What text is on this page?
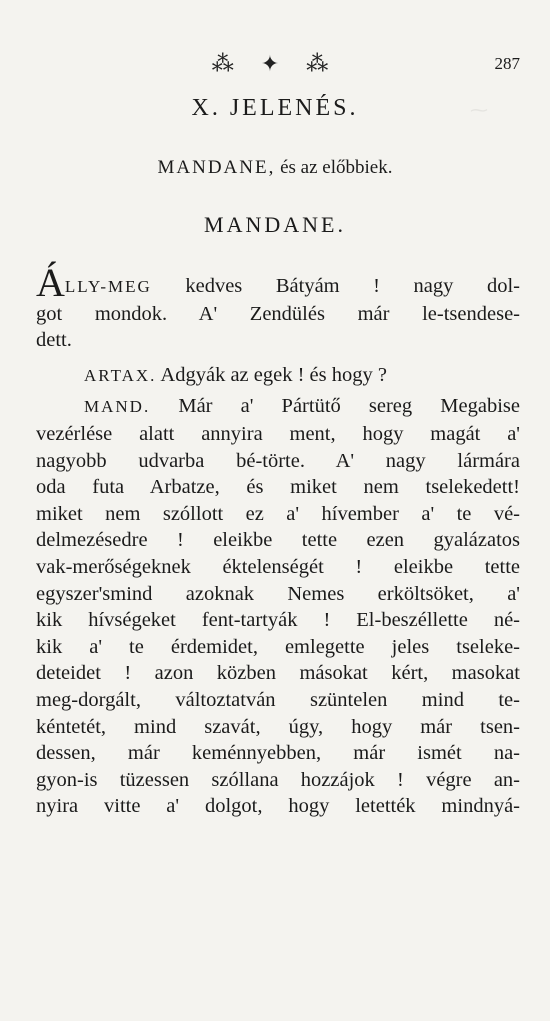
⁓
⁂ ✦ ⁂	287
X. JELENÉS.
MANDANE, és az előbbiek.
MANDANE.
ÁLLY-MEG kedves Bátyám ! nagy dol-
got mondok. A' Zendülés már le-tsendese-
dett.
ARTAX. Adgyák az egek ! és hogy ?
MAND. Már a' Pártütő sereg Megabise
vezérlése alatt annyira ment, hogy magát a'
nagyobb udvarba bé-törte. A' nagy lármára
oda futa Arbatze, és miket nem tselekedett!
miket nem szóllott ez a' hívember a' te vé-
delmezésedre ! eleikbe tette ezen gyalázatos
vak-merőségeknek éktelenségét ! eleikbe tette
egyszer'smind azoknak Nemes erköltsöket, a'
kik hívségeket fent-tartyák ! El-beszéllette né-
kik a' te érdemidet, emlegette jeles tseleke-
deteidet ! azon közben másokat kért, masokat
meg-dorgált, változtatván szüntelen mind te-
kéntetét, mind szavát, úgy, hogy már tsen-
dessen, már keménnyebben, már ismét na-
gyon-is tüzessen szóllana hozzájok ! végre an-
nyira vitte a' dolgot, hogy letették mindnyá-
